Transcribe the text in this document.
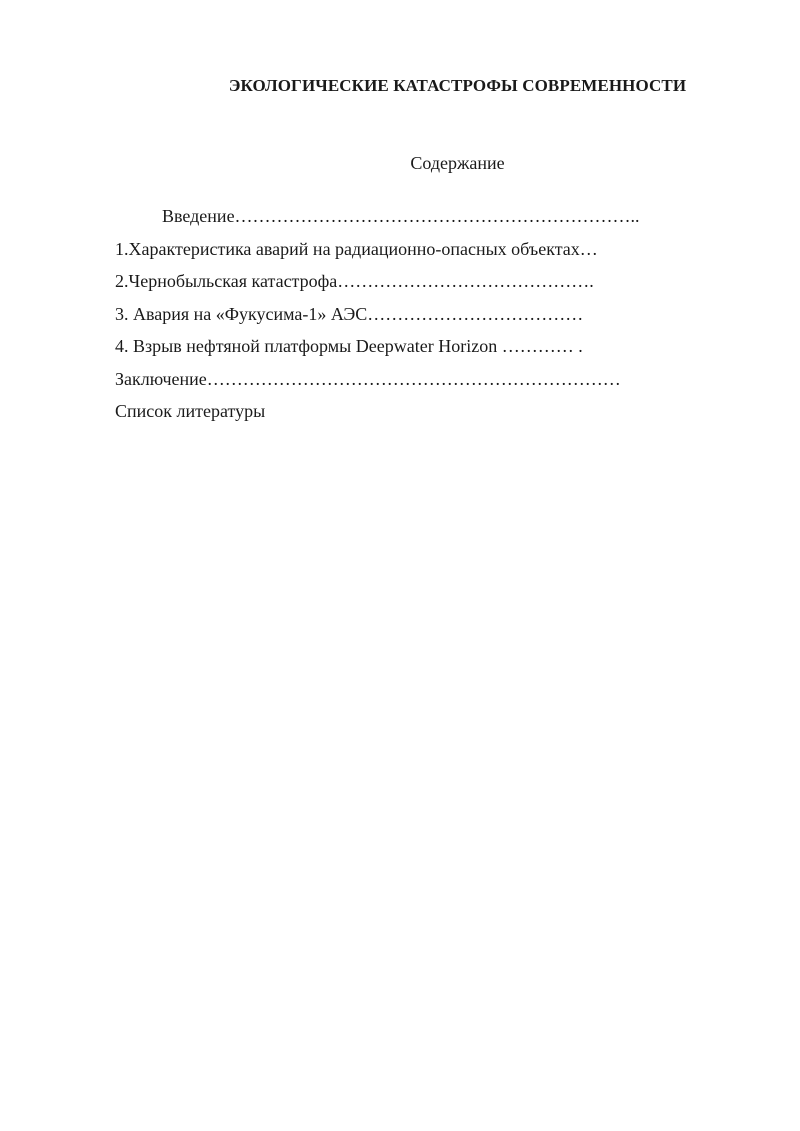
ЭКОЛОГИЧЕСКИЕ КАТАСТРОФЫ СОВРЕМЕННОСТИ
Содержание
Введение…………………………………………………………..
1.Характеристика аварий на радиационно-опасных объектах…
2.Чернобыльская катастрофа…………………………………….
3. Авария на «Фукусима-1» АЭС………………………………
4. Взрыв нефтяной платформы Deepwater Horizon ………… .
Заключение……………………………………………………………
Список литературы
